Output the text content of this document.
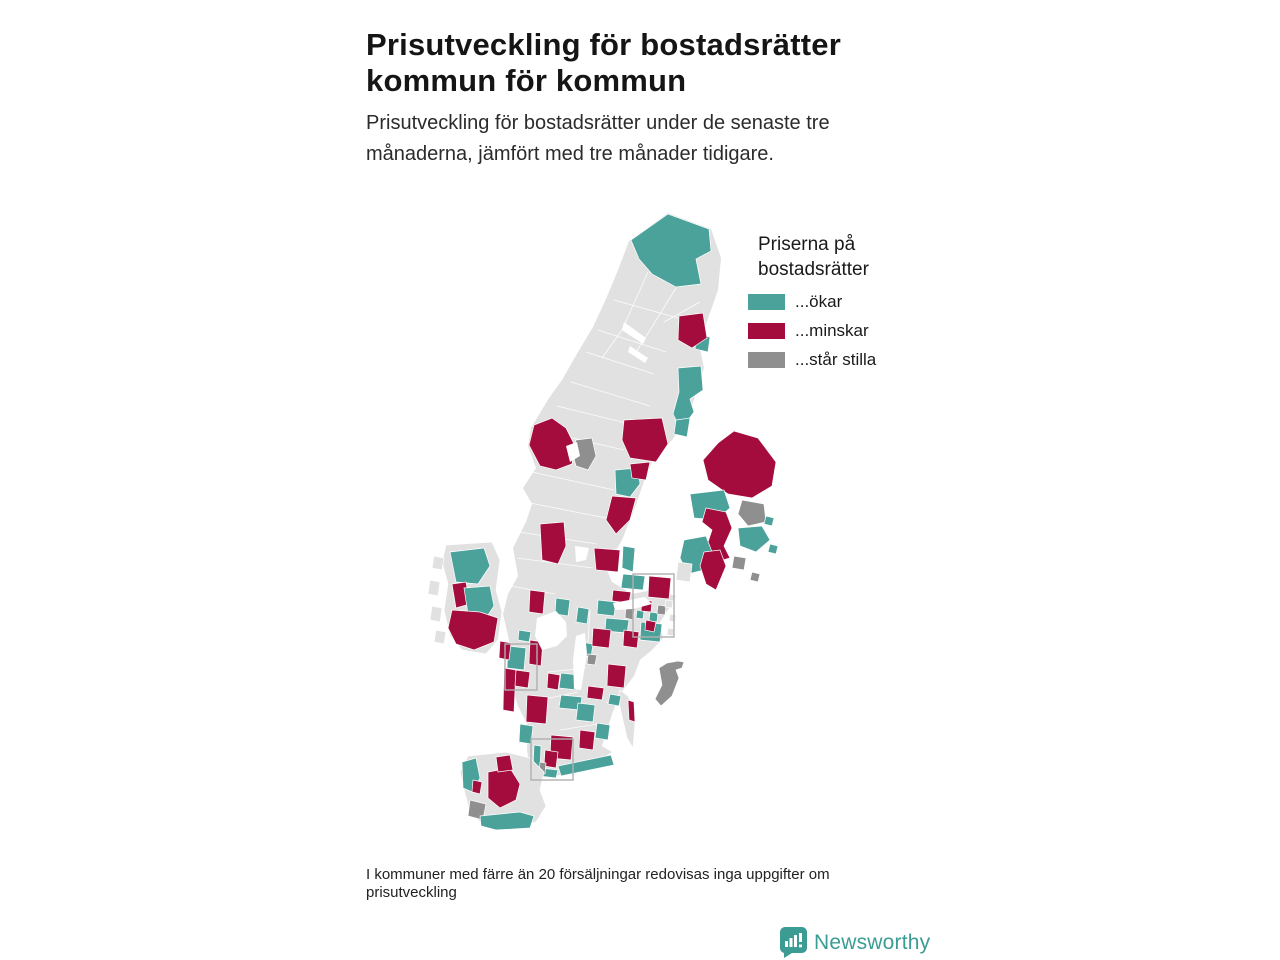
Prisutveckling för bostadsrätter
kommun för kommun

Prisutveckling för bostadsrätter under de senaste tre månaderna, jämfört med tre månader tidigare.

Priserna på
bostadsrätter
...ökar
...minskar
...står stilla

I kommuner med färre än 20 försäljningar redovisas inga uppgifter om prisutveckling

Newsworthy
